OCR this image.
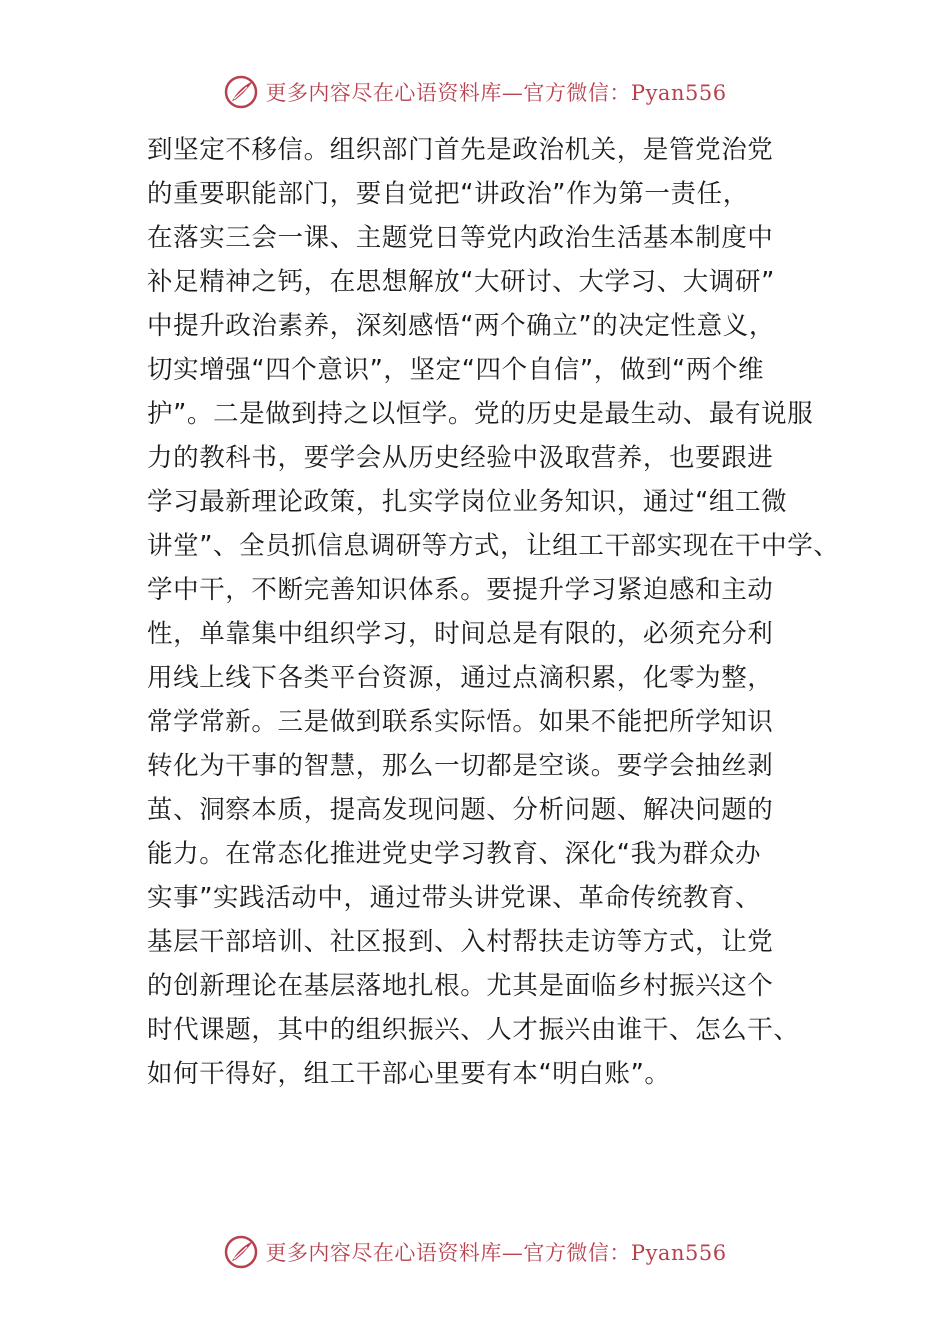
更多内容尽在心语资料库—官方微信：Pyan556
到坚定不移信。组织部门首先是政治机关，是管党治党
的重要职能部门，要自觉把“讲政治”作为第一责任，
在落实三会一课、主题党日等党内政治生活基本制度中
补足精神之钙，在思想解放“大研讨、大学习、大调研”
中提升政治素养，深刻感悟“两个确立”的决定性意义，
切实增强“四个意识”，坚定“四个自信”，做到“两个维
护”。二是做到持之以恒学。党的历史是最生动、最有说服
力的教科书，要学会从历史经验中汲取营养，也要跟进
学习最新理论政策，扎实学岗位业务知识，通过“组工微
讲堂”、全员抓信息调研等方式，让组工干部实现在干中学、
学中干，不断完善知识体系。要提升学习紧迫感和主动
性，单靠集中组织学习，时间总是有限的，必须充分利
用线上线下各类平台资源，通过点滴积累，化零为整，
常学常新。三是做到联系实际悟。如果不能把所学知识
转化为干事的智慧，那么一切都是空谈。要学会抽丝剥
茧、洞察本质，提高发现问题、分析问题、解决问题的
能力。在常态化推进党史学习教育、深化“我为群众办
实事”实践活动中，通过带头讲党课、革命传统教育、
基层干部培训、社区报到、入村帮扶走访等方式，让党
的创新理论在基层落地扎根。尤其是面临乡村振兴这个
时代课题，其中的组织振兴、人才振兴由谁干、怎么干、
如何干得好，组工干部心里要有本“明白账”。
更多内容尽在心语资料库—官方微信：Pyan556
